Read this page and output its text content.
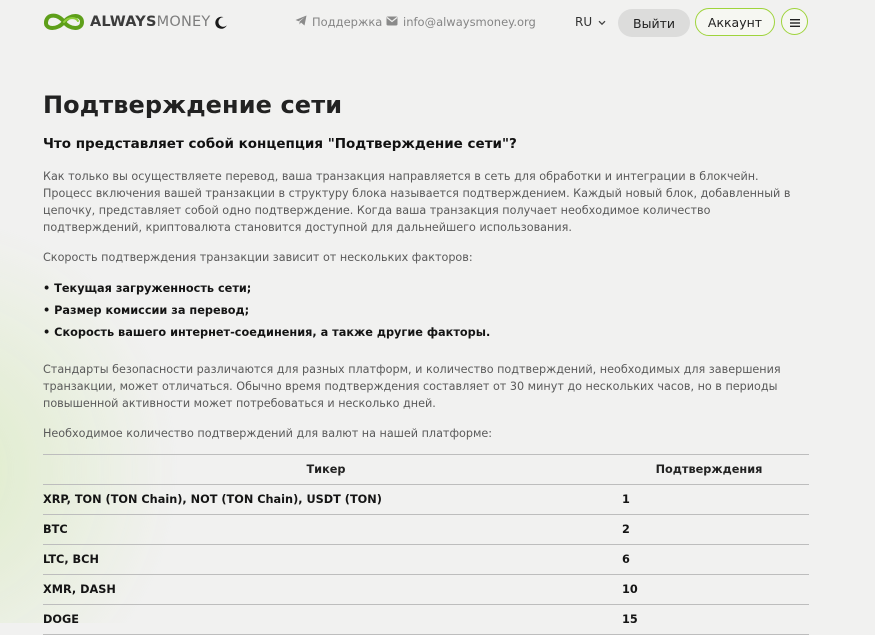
ALWAYSMONEY	Поддержка info@alwaysmoney.org	RU	Выйти	Аккаунт
Подтверждение сети
Что представляет собой концепция "Подтверждение сети"?

Как только вы осуществляете перевод, ваша транзакция направляется в сеть для обработки и интеграции в блокчейн. Процесс включения вашей транзакции в структуру блока называется подтверждением. Каждый новый блок, добавленный в цепочку, представляет собой одно подтверждение. Когда ваша транзакция получает необходимое количество подтверждений, криптовалюта становится доступной для дальнейшего использования.

Скорость подтверждения транзакции зависит от нескольких факторов:

• Текущая загруженность сети;
• Размер комиссии за перевод;
• Скорость вашего интернет-соединения, а также другие факторы.

Стандарты безопасности различаются для разных платформ, и количество подтверждений, необходимых для завершения транзакции, может отличаться. Обычно время подтверждения составляет от 30 минут до нескольких часов, но в периоды повышенной активности может потребоваться и несколько дней.

Необходимое количество подтверждений для валют на нашей платформе:

Тикер	Подтверждения
XRP, TON (TON Chain), NOT (TON Chain), USDT (TON)	1
BTC	2
LTC, BCH	6
XMR, DASH	10
DOGE	15
